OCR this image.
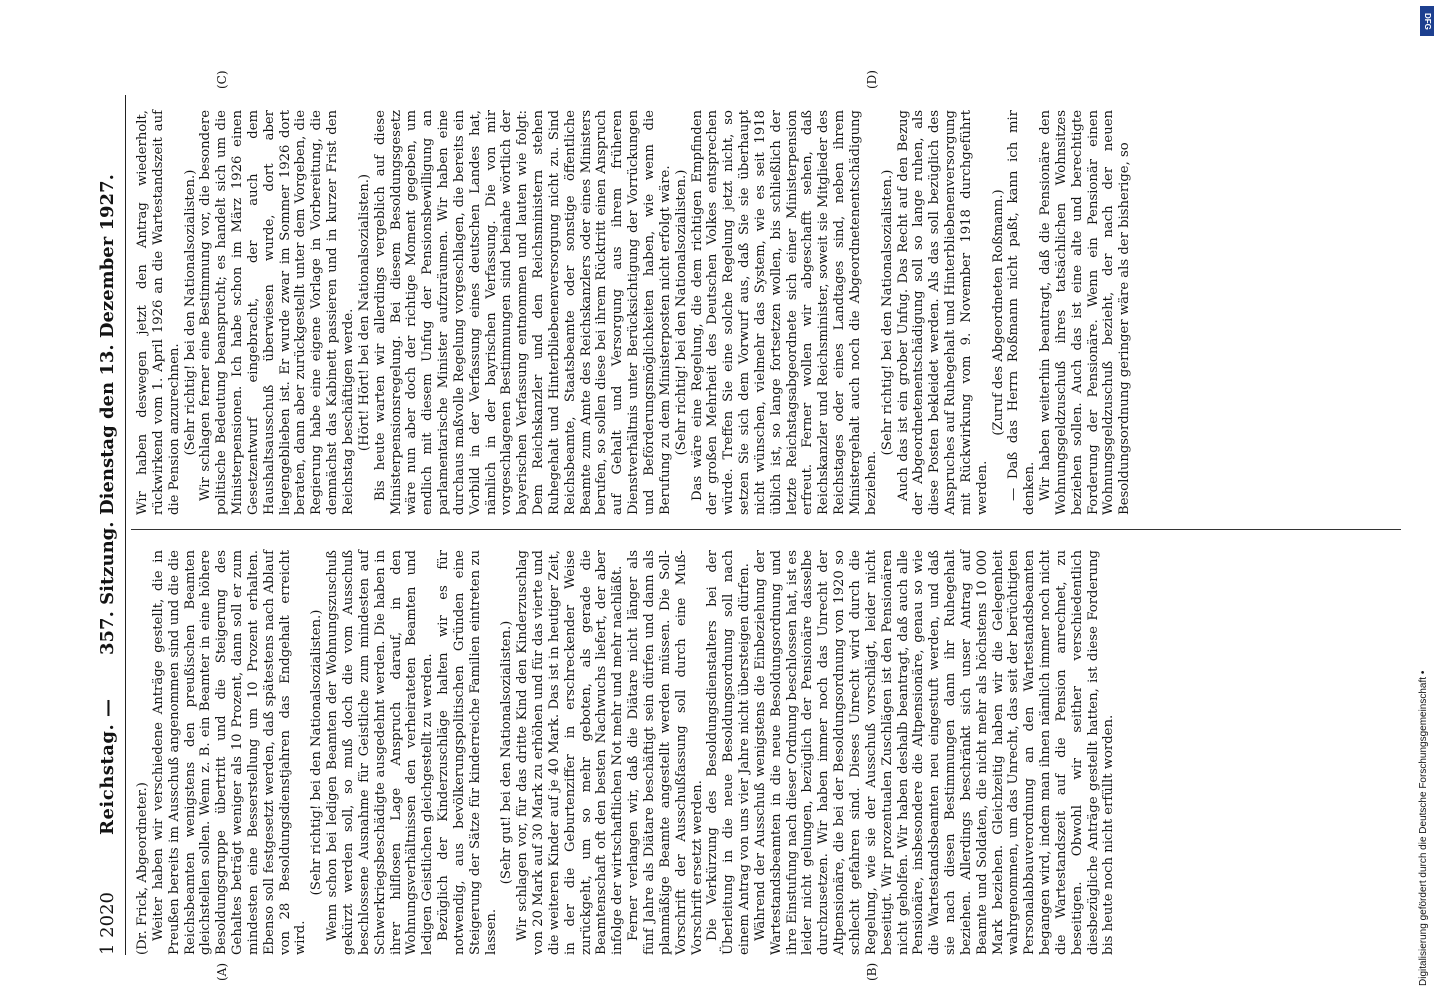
1 2020
Reichstag. —
357. Sitzung.
Dienstag den 13. Dezember 1927.
(A)	(B)
(C)	(D)

(Dr. Frick, Abgeordneter.) Weiter haben wir verschiedene Anträge gestellt, die in Preußen bereits im Ausschuß angenommen sind und die die Reichsbeamten wenigstens den preußischen Beamten gleichstellen sollen. Wenn z. B. ein Beamter in eine höhere Besoldungsgruppe übertritt und die Steigerung des Gehaltes beträgt weniger als 10 Prozent, dann soll er zum mindesten eine Besserstellung um 10 Prozent erhalten. Ebenso soll festgesetzt werden, daß spätestens nach Ablauf von 28 Besoldungsdienstjahren das Endgehalt erreicht wird.

(Sehr richtig! bei den Nationalsozialisten.) Wenn schon bei ledigen Beamten der Wohnungszuschuß gekürzt werden soll, so muß doch die vom Ausschuß beschlossene Ausnahme für Geistliche zum mindesten auf Schwerkriegsbeschädigte ausgedehnt werden. Die haben in ihrer hilflosen Lage Anspruch darauf, in den Wohnungsverhältnissen den verheirateten Beamten und ledigen Geistlichen gleichgestellt zu werden. Bezüglich der Kinderzuschläge halten wir es für notwendig, aus bevölkerungspolitischen Gründen eine Steigerung der Sätze für kinderreiche Familien eintreten zu lassen.

(Sehr gut! bei den Nationalsozialisten.) Wir schlagen vor, für das dritte Kind den Kinderzuschlag von 20 Mark auf 30 Mark zu erhöhen und für das vierte und die weiteren Kinder auf je 40 Mark. Das ist in heutiger Zeit, in der die Geburtenziffer in erschreckender Weise zurückgeht, um so mehr geboten, als gerade die Beamtenschaft oft den besten Nachwuchs liefert, der aber infolge der wirtschaftlichen Not mehr und mehr nachläßt. Ferner verlangen wir, daß die Diätare nicht länger als fünf Jahre als Diätare beschäftigt sein dürfen und dann als planmäßige Beamte angestellt werden müssen. Die Soll-Vorschrift der Ausschußfassung soll durch eine Muß-Vorschrift ersetzt werden. Die Verkürzung des Besoldungsdienstalters bei der Überleitung in die neue Besoldungsordnung soll nach einem Antrag von uns vier Jahre nicht übersteigen dürfen. Während der Ausschuß wenigstens die Einbeziehung der Wartestandsbeamten in die neue Besoldungsordnung und ihre Einstufung nach dieser Ordnung beschlossen hat, ist es leider nicht gelungen, bezüglich der Pensionäre dasselbe durchzusetzen. Wir haben immer noch das Unrecht der Altpensionäre, die bei der Besoldungsordnung von 1920 so schlecht gefahren sind. Dieses Unrecht wird durch die Regelung, wie sie der Ausschuß vorschlägt, leider nicht beseitigt. Wir prozentualen Zuschlägen ist den Pensionären nicht geholfen. Wir haben deshalb beantragt, daß auch alle Pensionäre, insbesondere die Altpensionäre, genau so wie die Wartestandsbeamten neu eingestuft werden, und daß sie nach diesen Bestimmungen dann ihr Ruhegehalt beziehen. Allerdings beschränkt sich unser Antrag auf Beamte und Soldaten, die nicht mehr als höchstens 10 000 Mark beziehen. Gleichzeitig haben wir die Gelegenheit wahrgenommen, um das Unrecht, das seit der berüchtigten Personalabbauverordnung an den Wartestandsbeamten begangen wird, indem man ihnen nämlich immer noch nicht die Wartestandszeit auf die Pension anrechnet, zu beseitigen. Obwohl wir seither verschiedentlich diesbezügliche Anträge gestellt hatten, ist diese Forderung bis heute noch nicht erfüllt worden.

Wir haben deswegen jetzt den Antrag wiederholt, rückwirkend vom 1. April 1926 an die Wartestandszeit auf die Pension anzurechnen. (Sehr richtig! bei den Nationalsozialisten.) Wir schlagen ferner eine Bestimmung vor, die besondere politische Bedeutung beansprucht; es handelt sich um die Ministerpensionen. Ich habe schon im März 1926 einen Gesetzentwurf eingebracht, der auch dem Haushaltsausschuß überwiesen wurde, dort aber liegengeblieben ist. Er wurde zwar im Sommer 1926 dort beraten, dann aber zurückgestellt unter dem Vorgeben, die Regierung habe eine eigene Vorlage in Vorbereitung, die demnächst das Kabinett passieren und in kurzer Frist den Reichstag beschäftigen werde. (Hört! Hört! bei den Nationalsozialisten.) Bis heute warten wir allerdings vergeblich auf diese Ministerpensionsregelung. Bei diesem Besoldungsgesetz wäre nun aber doch der richtige Moment gegeben, um endlich mit diesem Unfug der Pensionsbewilligung an parlamentarische Minister aufzuräumen. Wir haben eine durchaus maßvolle Regelung vorgeschlagen, die bereits ein Vorbild in der Verfassung eines deutschen Landes hat, nämlich in der bayrischen Verfassung. Die von mir vorgeschlagenen Bestimmungen sind beinahe wörtlich der bayerischen Verfassung entnommen und lauten wie folgt: Dem Reichskanzler und den Reichsministern stehen Ruhegehalt und Hinterbliebenenversorgung nicht zu. Sind Reichsbeamte, Staatsbeamte oder sonstige öffentliche Beamte zum Amte des Reichskanzlers oder eines Ministers berufen, so sollen diese bei ihrem Rücktritt einen Anspruch auf Gehalt und Versorgung aus ihrem früheren Dienstverhältnis unter Berücksichtigung der Vorrückungen und Beförderungsmöglichkeiten haben, wie wenn die Berufung zu dem Ministerposten nicht erfolgt wäre. (Sehr richtig! bei den Nationalsozialisten.) Das wäre eine Regelung, die dem richtigen Empfinden der großen Mehrheit des Deutschen Volkes entsprechen würde. Treffen Sie eine solche Regelung jetzt nicht, so setzen Sie sich dem Vorwurf aus, daß Sie sie überhaupt nicht wünschen, vielmehr das System, wie es seit 1918 üblich ist, so lange fortsetzen wollen, bis schließlich der letzte Reichstagsabgeordnete sich einer Ministerpension erfreut. Ferner wollen wir abgeschafft sehen, daß Reichskanzler und Reichsminister, soweit sie Mitglieder des Reichstages oder eines Landtages sind, neben ihrem Ministergehalt auch noch die Abgeordnetenentschädigung beziehen.

(Sehr richtig! bei den Nationalsozialisten.) Auch das ist ein grober Unfug. Das Recht auf den Bezug der Abgeordnetenentschädigung soll so lange ruhen, als diese Posten bekleidet werden. Als das soll bezüglich des Anspruches auf Ruhegehalt und Hinterbliebenenversorgung mit Rückwirkung vom 9. November 1918 durchgeführt werden.

(Zuruf des Abgeordneten Roßmann.) — Daß das Herrn Roßmann nicht paßt, kann ich mir denken. Wir haben weiterhin beantragt, daß die Pensionäre den Wohnungsgeldzuschuß ihres tatsächlichen Wohnsitzes beziehen sollen. Auch das ist eine alte und berechtigte Forderung der Pensionäre. Wenn ein Pensionär einen Wohnungsgeldzuschuß bezieht, der nach der neuen Besoldungsordnung geringer wäre als der bisherige, so

DFG
Digitalisierung gefördert durch die Deutsche Forschungsgemeinschaft •
